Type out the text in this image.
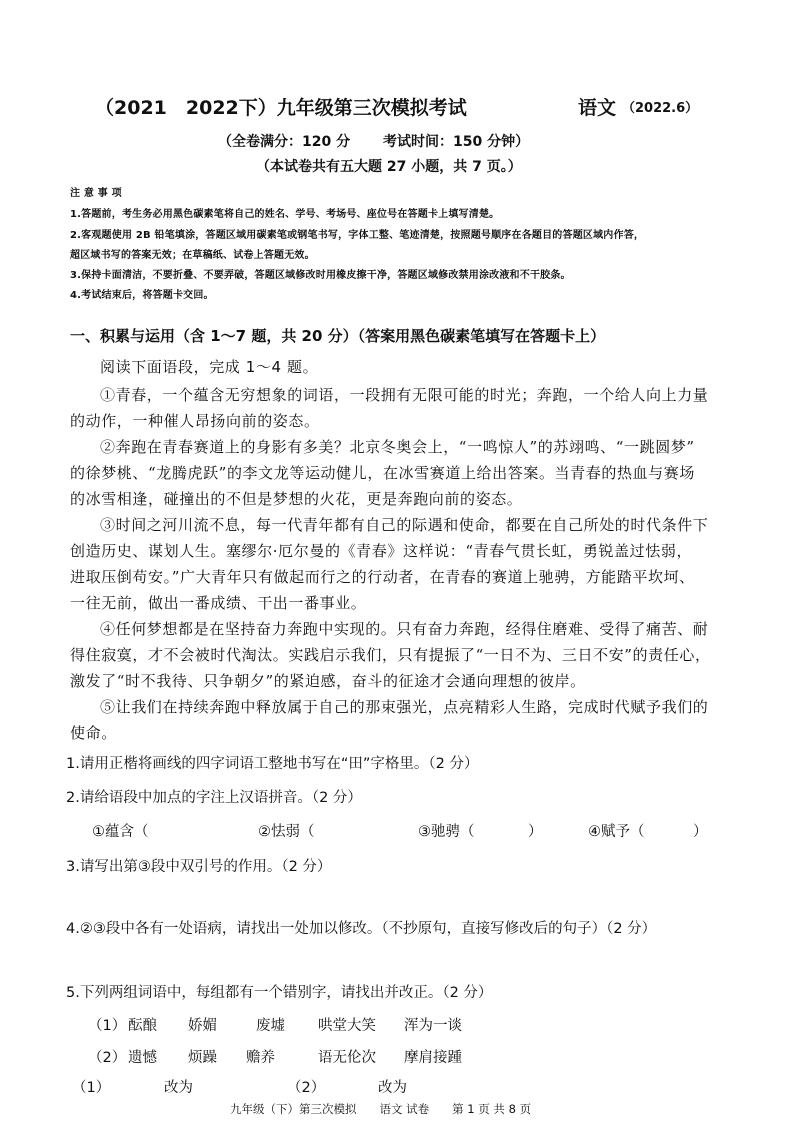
（2021　2022下）九年级第三次模拟考试	语文 （2022.6）
（全卷满分：120 分　　 考试时间：150 分钟）
（本试卷共有五大题 27 小题，共 7 页。）
注 意 事 项
1.答题前，考生务必用黑色碳素笔将自己的姓名、学号、考场号、座位号在答题卡上填写清楚。
2.客观题使用 2B 铅笔填涂，答题区域用碳素笔或钢笔书写，字体工整、笔迹清楚，按照题号顺序在各题目的答题区域内作答，
超区域书写的答案无效；在草稿纸、试卷上答题无效。
3.保持卡面清洁，不要折叠、不要弄破，答题区域修改时用橡皮擦干净，答题区域修改禁用涂改液和不干胶条。
4.考试结束后，将答题卡交回。
一、积累与运用（含 1～7 题，共 20 分）（答案用黑色碳素笔填写在答题卡上）
阅读下面语段，完成 1～4 题。
①青春，一个蕴含无穷想象的词语，一段拥有无限可能的时光；奔跑，一个给人向上力量
的动作，一种催人昂扬向前的姿态。
②奔跑在青春赛道上的身影有多美？北京冬奥会上，“一鸣惊人”的苏翊鸣、“一跳圆梦”
的徐梦桃、“龙腾虎跃”的李文龙等运动健儿，在冰雪赛道上给出答案。当青春的热血与赛场
的冰雪相逢，碰撞出的不但是梦想的火花，更是奔跑向前的姿态。
③时间之河川流不息，每一代青年都有自己的际遇和使命，都要在自己所处的时代条件下
创造历史、谋划人生。塞缪尔·厄尔曼的《青春》这样说：“青春气贯长虹，勇锐盖过怯弱，
进取压倒苟安。”广大青年只有做起而行之的行动者，在青春的赛道上驰骋，方能踏平坎坷、
一往无前，做出一番成绩、干出一番事业。
④任何梦想都是在坚持奋力奔跑中实现的。只有奋力奔跑，经得住磨难、受得了痛苦、耐
得住寂寞，才不会被时代淘汰。实践启示我们，只有提振了“一日不为、三日不安”的责任心，
激发了“时不我待、只争朝夕”的紧迫感，奋斗的征途才会通向理想的彼岸。
⑤让我们在持续奔跑中释放属于自己的那束强光，点亮精彩人生路，完成时代赋予我们的
使命。
1.请用正楷将画线的四字词语工整地书写在“田”字格里。（2 分）
2.请给语段中加点的字注上汉语拼音。（2 分）
①蕴含（	②怯弱（	③驰骋（	）	④赋予（	）
3.请写出第③段中双引号的作用。（2 分）
4.②③段中各有一处语病，请找出一处加以修改。（不抄原句，直接写修改后的句子）（2 分）
5.下列两组词语中，每组都有一个错别字，请找出并改正。（2 分）
（1） 酝酿 娇媚	废墟 哄堂大笑 浑为一谈
（2） 遗憾 烦躁 赡养	语无伦次 摩肩接踵
（1）	改为	（2）	改为
九年级（下）第三次模拟　　语文 试卷　　第 1 页 共 8 页
